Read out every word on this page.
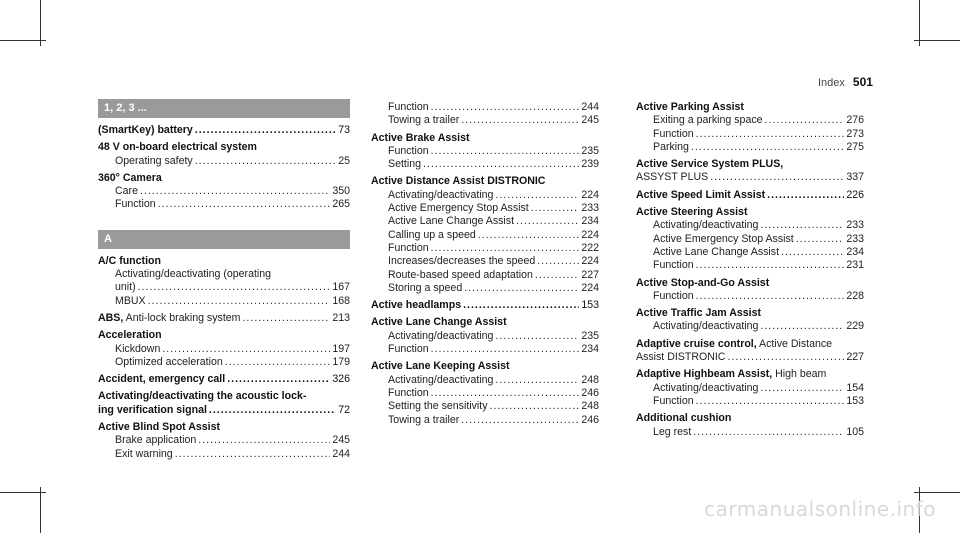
Index 501
1, 2, 3 ...
(SmartKey) battery .....	73
48 V on-board electrical system
Operating safety .....	25
360° Camera
Care .....	350
Function .....	265
A
A/C function
Activating/deactivating (operating
unit) .....	167
MBUX .....	168
ABS, Anti-lock braking system .....	213
Acceleration
Kickdown .....	197
Optimized acceleration .....	179
Accident, emergency call .....	326
Activating/deactivating the acoustic lock-
ing verification signal .....	72
Active Blind Spot Assist
Brake application .....	245
Exit warning .....	244
Function .....	244
Towing a trailer .....	245
Active Brake Assist
Function .....	235
Setting .....	239
Active Distance Assist DISTRONIC
Activating/deactivating .....	224
Active Emergency Stop Assist .....	233
Active Lane Change Assist .....	234
Calling up a speed .....	224
Function .....	222
Increases/decreases the speed .....	224
Route-based speed adaptation .....	227
Storing a speed .....	224
Active headlamps .....	153
Active Lane Change Assist
Activating/deactivating .....	235
Function .....	234
Active Lane Keeping Assist
Activating/deactivating .....	248
Function .....	246
Setting the sensitivity .....	248
Towing a trailer .....	246
Active Parking Assist
Exiting a parking space .....	276
Function .....	273
Parking .....	275
Active Service System PLUS,
ASSYST PLUS .....	337
Active Speed Limit Assist .....	226
Active Steering Assist
Activating/deactivating .....	233
Active Emergency Stop Assist .....	233
Active Lane Change Assist .....	234
Function .....	231
Active Stop-and-Go Assist
Function .....	228
Active Traffic Jam Assist
Activating/deactivating .....	229
Adaptive cruise control, Active Distance
Assist DISTRONIC .....	227
Adaptive Highbeam Assist, High beam
Activating/deactivating .....	154
Function .....	153
Additional cushion
Leg rest .....	105
carmanualsonline.info
